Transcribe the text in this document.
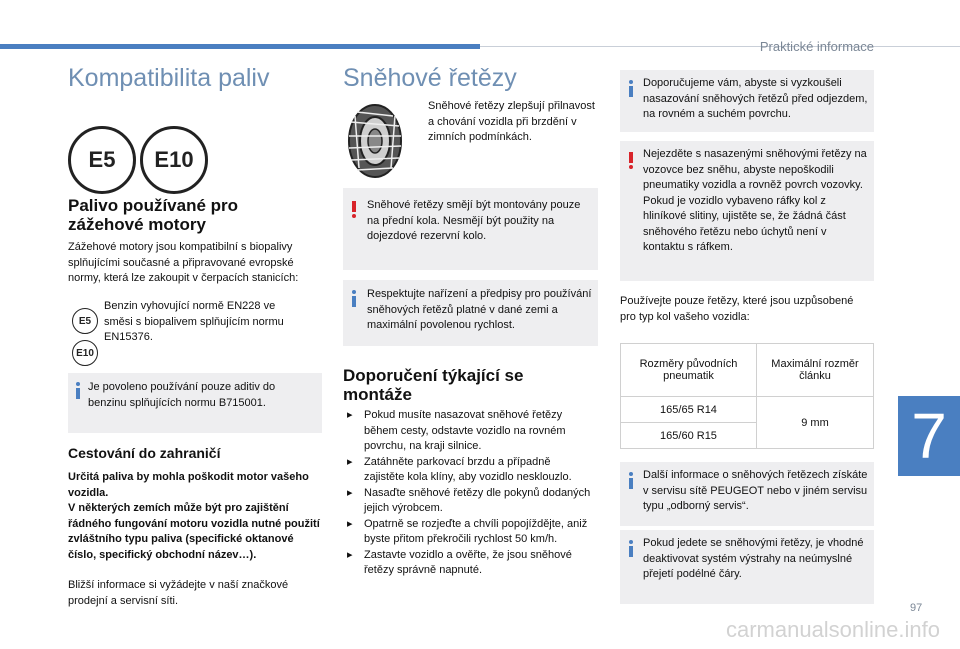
Praktické informace
97
7
Kompatibilita paliv
E5 E10
Palivo používané pro zážehové motory

Zážehové motory jsou kompatibilní s biopalivy splňujícími současné a připravované evropské normy, která lze zakoupit v čerpacích stanicích:

E5
E10

Benzin vyhovující normě EN228 ve směsi s biopalivem splňujícím normu EN15376.

Je povoleno používání pouze aditiv do benzinu splňujících normu B715001.
Cestování do zahraničí

Určitá paliva by mohla poškodit motor vašeho vozidla.
V některých zemích může být pro zajištění řádného fungování motoru vozidla nutné použití zvláštního typu paliva (specifické oktanové číslo, specifický obchodní název…).

Bližší informace si vyžádejte v naší značkové prodejní a servisní síti.

Sněhové řetězy

Sněhové řetězy zlepšují přilnavost a chování vozidla při brzdění v zimních podmínkách.

Sněhové řetězy smějí být montovány pouze na přední kola. Nesmějí být použity na dojezdové rezervní kolo.
Respektujte nařízení a předpisy pro používání sněhových řetězů platné v dané zemi a maximální povolenou rychlost.
Doporučení týkající se montáže
▸ Pokud musíte nasazovat sněhové řetězy během cesty, odstavte vozidlo na rovném povrchu, na kraji silnice.
▸ Zatáhněte parkovací brzdu a případně zajistěte kola klíny, aby vozidlo nesklouzlo.
▸ Nasaďte sněhové řetězy dle pokynů dodaných jejich výrobcem.
▸ Opatrně se rozjeďte a chvíli popojíždějte, aniž byste přitom překročili rychlost 50 km/h.
▸ Zastavte vozidlo a ověřte, že jsou sněhové řetězy správně napnuté.
Doporučujeme vám, abyste si vyzkoušeli nasazování sněhových řetězů před odjezdem, na rovném a suchém povrchu.
Nejezděte s nasazenými sněhovými řetězy na vozovce bez sněhu, abyste nepoškodili pneumatiky vozidla a rovněž povrch vozovky. Pokud je vozidlo vybaveno ráfky kol z hliníkové slitiny, ujistěte se, že žádná část sněhového řetězu nebo úchytů není v kontaktu s ráfkem.

Používejte pouze řetězy, které jsou uzpůsobené pro typ kol vašeho vozidla:

Rozměry původních pneumatik	Maximální rozměr článku
165/65 R14	9 mm
165/60 R15	
Další informace o sněhových řetězech získáte v servisu sítě PEUGEOT nebo v jiném servisu typu „odborný servis“.
Pokud jedete se sněhovými řetězy, je vhodné deaktivovat systém výstrahy na neúmyslné přejetí podélné čáry.
carmanualsonline.info
